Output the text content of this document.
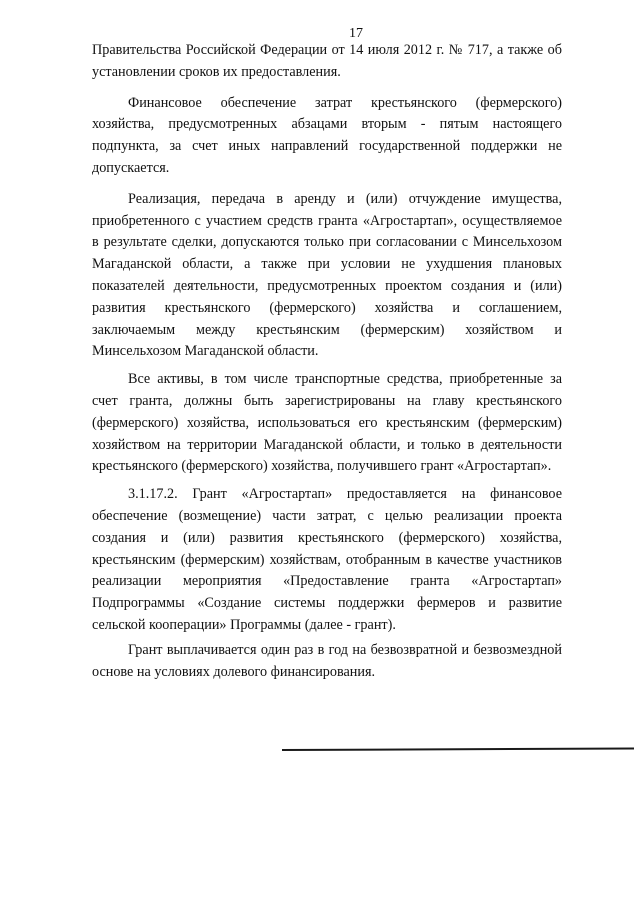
17

Правительства Российской Федерации от 14 июля 2012 г. № 717, а также об установлении сроков их предоставления.

Финансовое обеспечение затрат крестьянского (фермерского) хозяйства, предусмотренных абзацами вторым - пятым настоящего подпункта, за счет иных направлений государственной поддержки не допускается.

Реализация, передача в аренду и (или) отчуждение имущества, приобретенного с участием средств гранта «Агростартап», осуществляемое в результате сделки, допускаются только при согласовании с Минсельхозом Магаданской области, а также при условии не ухудшения плановых показателей деятельности, предусмотренных проектом создания и (или) развития крестьянского (фермерского) хозяйства и соглашением, заключаемым между крестьянским (фермерским) хозяйством и Минсельхозом Магаданской области.

Все активы, в том числе транспортные средства, приобретенные за счет гранта, должны быть зарегистрированы на главу крестьянского (фермерского) хозяйства, использоваться его крестьянским (фермерским) хозяйством на территории Магаданской области, и только в деятельности крестьянского (фермерского) хозяйства, получившего грант «Агростартап».

3.1.17.2. Грант «Агростартап» предоставляется на финансовое обеспечение (возмещение) части затрат, с целью реализации проекта создания и (или) развития крестьянского (фермерского) хозяйства, крестьянским (фермерским) хозяйствам, отобранным в качестве участников реализации мероприятия «Предоставление гранта «Агростартап» Подпрограммы «Создание системы поддержки фермеров и развитие сельской кооперации» Программы (далее - грант).

Грант выплачивается один раз в год на безвозвратной и безвозмездной основе на условиях долевого финансирования.
